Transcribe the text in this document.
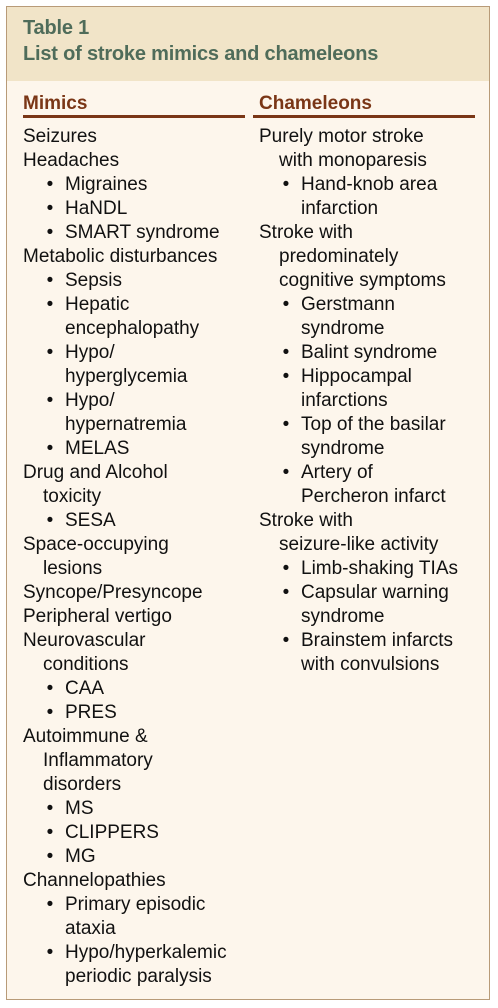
Table 1
List of stroke mimics and chameleons
Mimics	Chameleons
Seizures
Headaches
• Migraines
• HaNDL
• SMART syndrome
Metabolic disturbances
• Sepsis
• Hepatic
encephalopathy
• Hypo/
hyperglycemia
• Hypo/
hypernatremia
• MELAS
Drug and Alcohol
toxicity
• SESA
Space-occupying
lesions
Syncope/Presyncope
Peripheral vertigo
Neurovascular
conditions
• CAA
• PRES
Autoimmune &
Inflammatory
disorders
• MS
• CLIPPERS
• MG
Channelopathies
• Primary episodic
ataxia
• Hypo/hyperkalemic
periodic paralysis
Purely motor stroke
with monoparesis
• Hand-knob area
infarction
Stroke with
predominately
cognitive symptoms
• Gerstmann
syndrome
• Balint syndrome
• Hippocampal
infarctions
• Top of the basilar
syndrome
• Artery of
Percheron infarct
Stroke with
seizure-like activity
• Limb-shaking TIAs
• Capsular warning
syndrome
• Brainstem infarcts
with convulsions
